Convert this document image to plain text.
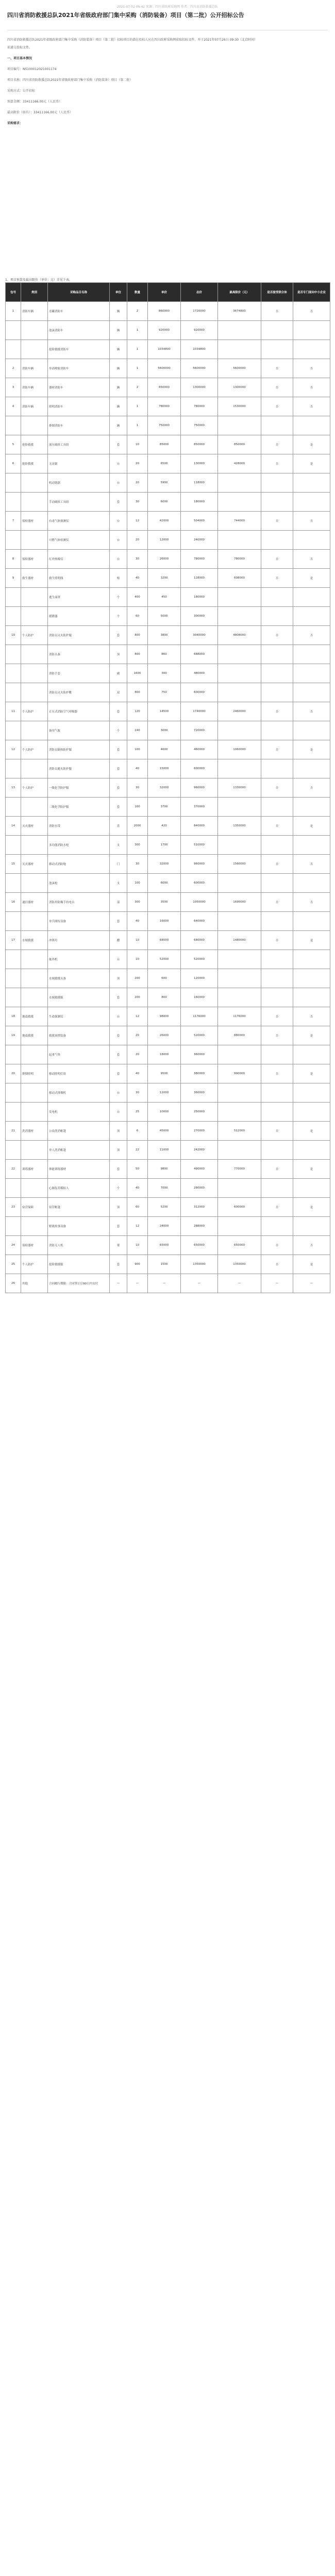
2021-07-02 09:42 来源：四川省政府采购网 作者：四川省消防救援总队
四川省消防救援总队2021年省级政府部门集中采购（消防装备）项目（第二批）公开招标公告

四川省消防救援总队2021年省级政府部门集中采购（消防装备）项目（第二批）招标项目的潜在投标人应在四川政府采购网获取招标文件，并于2021年07月26日 09:30（北京时间）前递交投标文件。

一、项目基本情况

项目编号：N5100012021001174

项目名称：四川省消防救援总队2021年省级政府部门集中采购（消防装备）项目（第二批）

采购方式：公开招标

预算金额：33411166.00元（人民币）

最高限价（如有）：33411166.00元（人民币）

采购需求：

1、项目预算及最高限价（单位：元）详见下表。
包号	类别	采购品目名称	单位	数量	单价	总价	最高限价（元）	是否接受联合体	是否专门面向中小企业
1	消防车辆	水罐消防车	辆	2	860000	1720000	3674800	否	否
		泡沫消防车	辆	1	920000	920000			
		抢险救援消防车	辆	1	1034800	1034800			
2	消防车辆	举高喷射消防车	辆	1	5600000	5600000	5600000	否	否
3	消防车辆	器材消防车	辆	2	650000	1300000	1300000	否	否
4	消防车辆	照明消防车	辆	1	780000	780000	1530000	否	否
		排烟消防车	辆	1	750000	750000			
5	抢险救援	液压破拆工具组	套	10	85000	850000	850000	否	是
6	抢险救援	无齿锯	台	20	6500	130000	428000	否	是
		机动链锯	台	20	5900	118000			
		手动破拆工具组	套	30	6000	180000			
7	侦检器材	有毒气体探测仪	台	12	42000	504000	744000	否	否
		可燃气体检测仪	台	20	12000	240000			
8	侦检器材	红外热像仪	台	30	26000	780000	780000	否	否
9	救生器材	救生照明线	根	40	3200	128000	608000	否	是
		逃生面罩	个	400	450	180000			
		缓降器	个	60	5000	300000			
10	个人防护	消防员灭火防护服	套	800	3800	3040000	4808000	否	否
		消防头盔	顶	800	860	688000			
		消防手套	副	1600	300	480000			
		消防员灭火防护靴	双	800	750	600000			
11	个人防护	正压式消防空气呼吸器	套	120	14500	1740000	2460000	否	否
		备用气瓶	个	240	3000	720000			
12	个人防护	消防员隔热防护服	套	100	4600	460000	1060000	否	是
		消防员避火防护服	套	40	15000	600000			
13	个人防护	一级化学防护服	套	30	32000	960000	1330000	否	否
		二级化学防护服	套	100	3700	370000			
14	灭火器材	消防水带	盘	2000	420	840000	1350000	否	是
		多功能消防水枪	支	300	1700	510000			
15	灭火器材	移动式消防炮	门	30	32000	960000	1560000	否	否
		泡沫枪	支	100	6000	600000			
16	通信器材	消防用防爆手持电台	部	300	3500	1050000	1690000	否	否
		单兵图传设备	套	40	16000	640000			
17	水域救援	冲锋舟	艘	10	68000	680000	1480000	否	是
		舷外机	台	10	52000	520000			
		水域救援头盔	顶	200	600	120000			
		水域救援服	套	200	800	160000			
18	地震救援	生命探测仪	台	12	98000	1176000	1176000	否	否
19	地震救援	救援顶撑装备	套	20	26000	520000	880000	否	是
		起重气垫	套	20	18000	360000			
20	排烟照明	移动照明灯组	套	40	9500	380000	990000	否	是
		移动式排烟机	台	30	12000	360000			
		发电机	台	25	10000	250000			
21	洗消器材	公众洗消帐篷	顶	6	45000	270000	512000	否	是
		单人洗消帐篷	顶	22	11000	242000			
22	训练器材	体能训练器材	套	50	9800	490000	770000	否	是
		心肺复苏模拟人	个	40	7000	280000			
23	宿营保障	宿营帐篷	顶	60	5200	312000	600000	否	是
		野战炊事设备	套	12	24000	288000			
24	侦检器材	消防无人机	架	10	65000	650000	650000	否	否
25	个人防护	抢险救援服	套	900	1500	1350000	1350000	否	是
26	其他	合同履行期限：合同签订后90日内交付	—	—	—	—	—	—	—
